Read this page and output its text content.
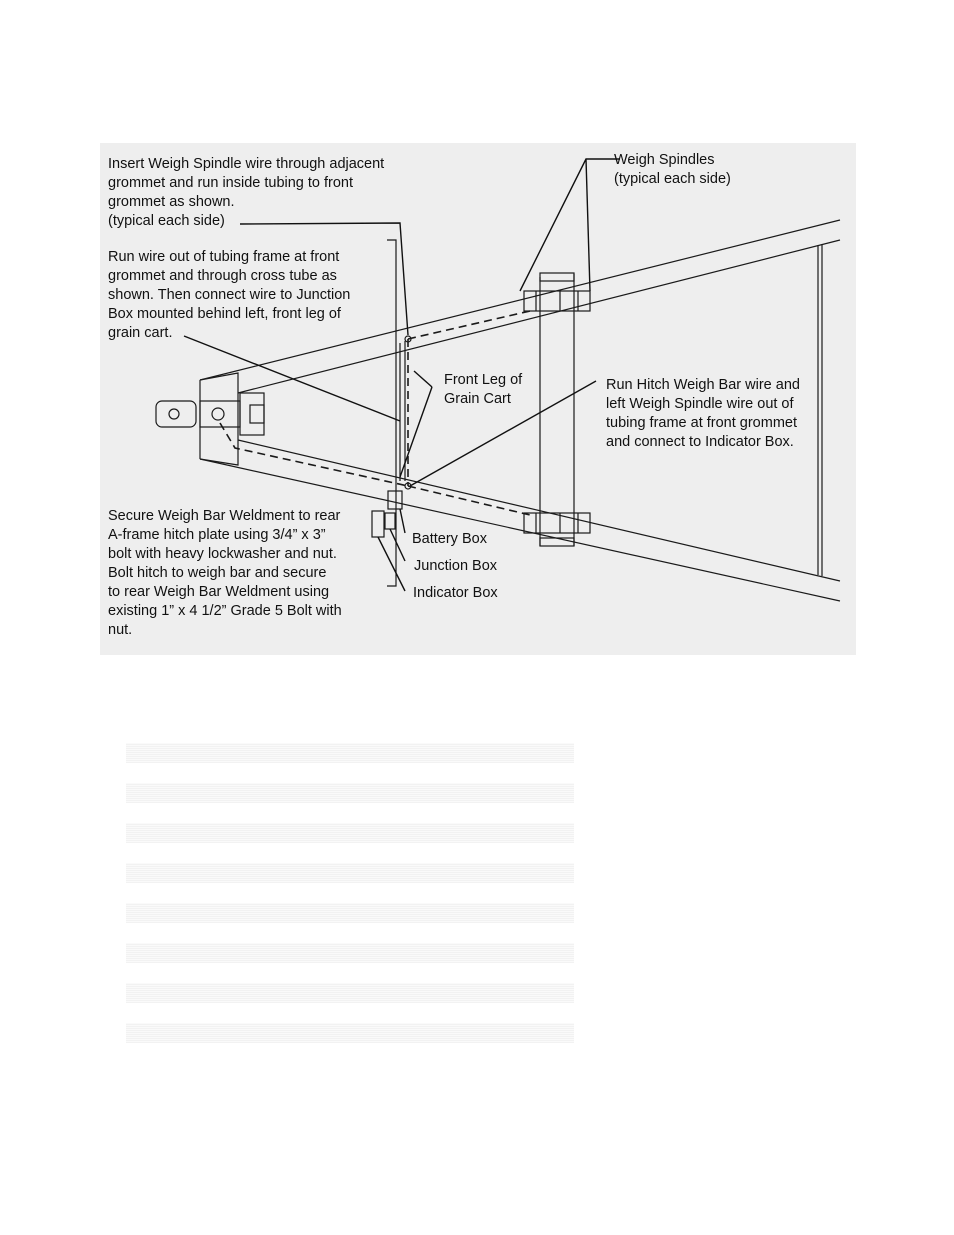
Insert Weigh Spindle wire through adjacent
grommet and run inside tubing to front
grommet as shown.
(typical each side)
Weigh Spindles
(typical each side)
Run wire out of tubing frame at front
grommet and through cross tube as
shown. Then connect wire to Junction
Box mounted behind left, front leg of
grain cart.
Front Leg of
Grain Cart
Run Hitch Weigh Bar wire and
left Weigh Spindle wire out of
tubing frame at front grommet
and connect to Indicator Box.
Secure Weigh Bar Weldment to rear
A-frame hitch plate using 3/4” x 3”
bolt with heavy lockwasher and nut.
Bolt hitch to weigh bar and secure
to rear Weigh Bar Weldment using
existing 1” x 4 1/2” Grade 5 Bolt with
nut.
Battery Box
Junction Box
Indicator Box
